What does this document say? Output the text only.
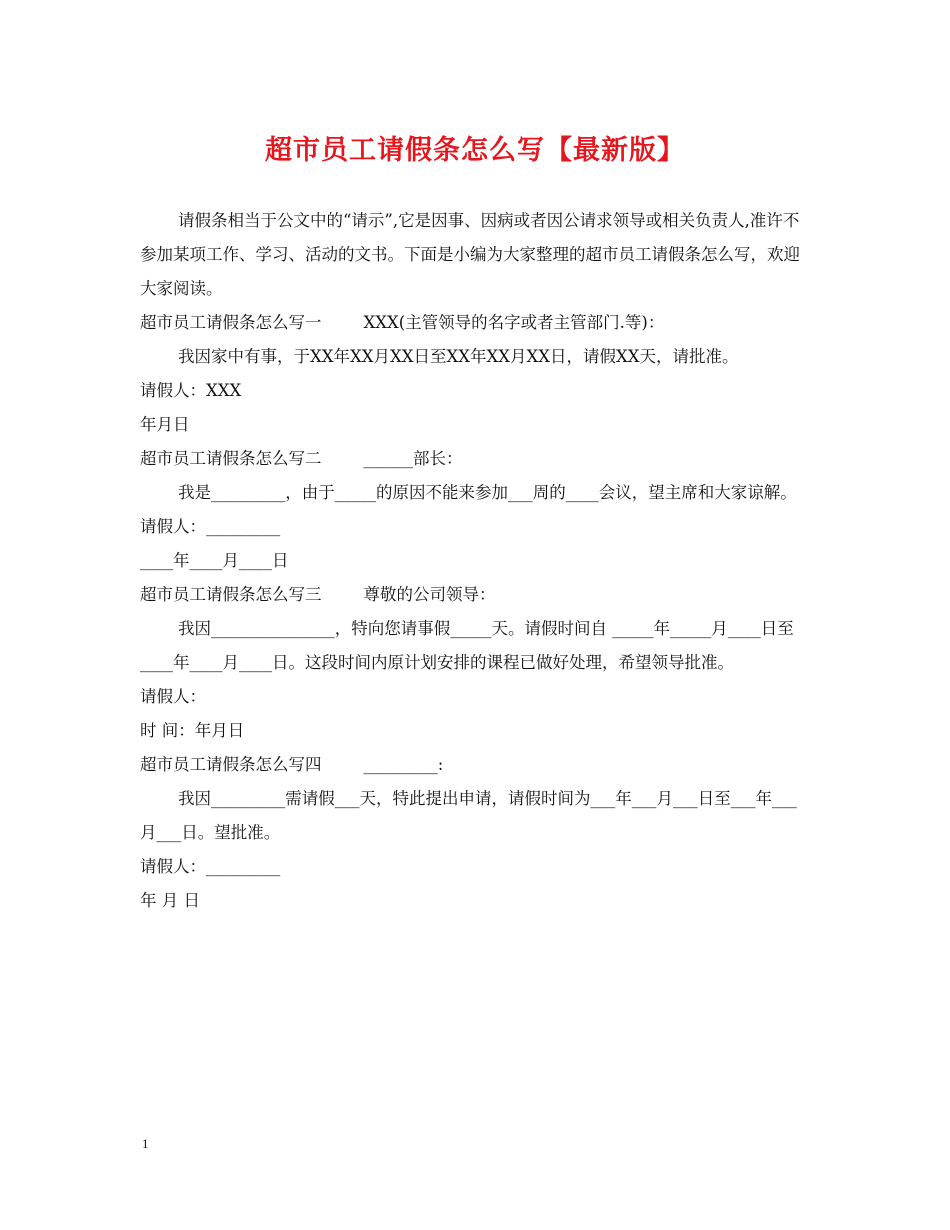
超市员工请假条怎么写【最新版】

请假条相当于公文中的“请示”,它是因事、因病或者因公请求领导或相关负责人,准许不参加某项工作、学习、活动的文书。下面是小编为大家整理的超市员工请假条怎么写，欢迎大家阅读。

超市员工请假条怎么写一        XXX(主管领导的名字或者主管部门.等)：

我因家中有事，于XX年XX月XX日至XX年XX月XX日，请假XX天，请批准。

请假人：XXX

年月日

超市员工请假条怎么写二        ______部长：

我是_________，由于_____的原因不能来参加___周的____会议，望主席和大家谅解。

请假人：_________

____年____月____日

超市员工请假条怎么写三        尊敬的公司领导：

我因_______________，特向您请事假_____天。请假时间自 _____年_____月____日至____年____月____日。这段时间内原计划安排的课程已做好处理，希望领导批准。

请假人：

时 间：年月日

超市员工请假条怎么写四        _________:

我因_________需请假___天，特此提出申请，请假时间为___年___月___日至___年___月___日。望批准。

请假人：_________

年 月 日

1
